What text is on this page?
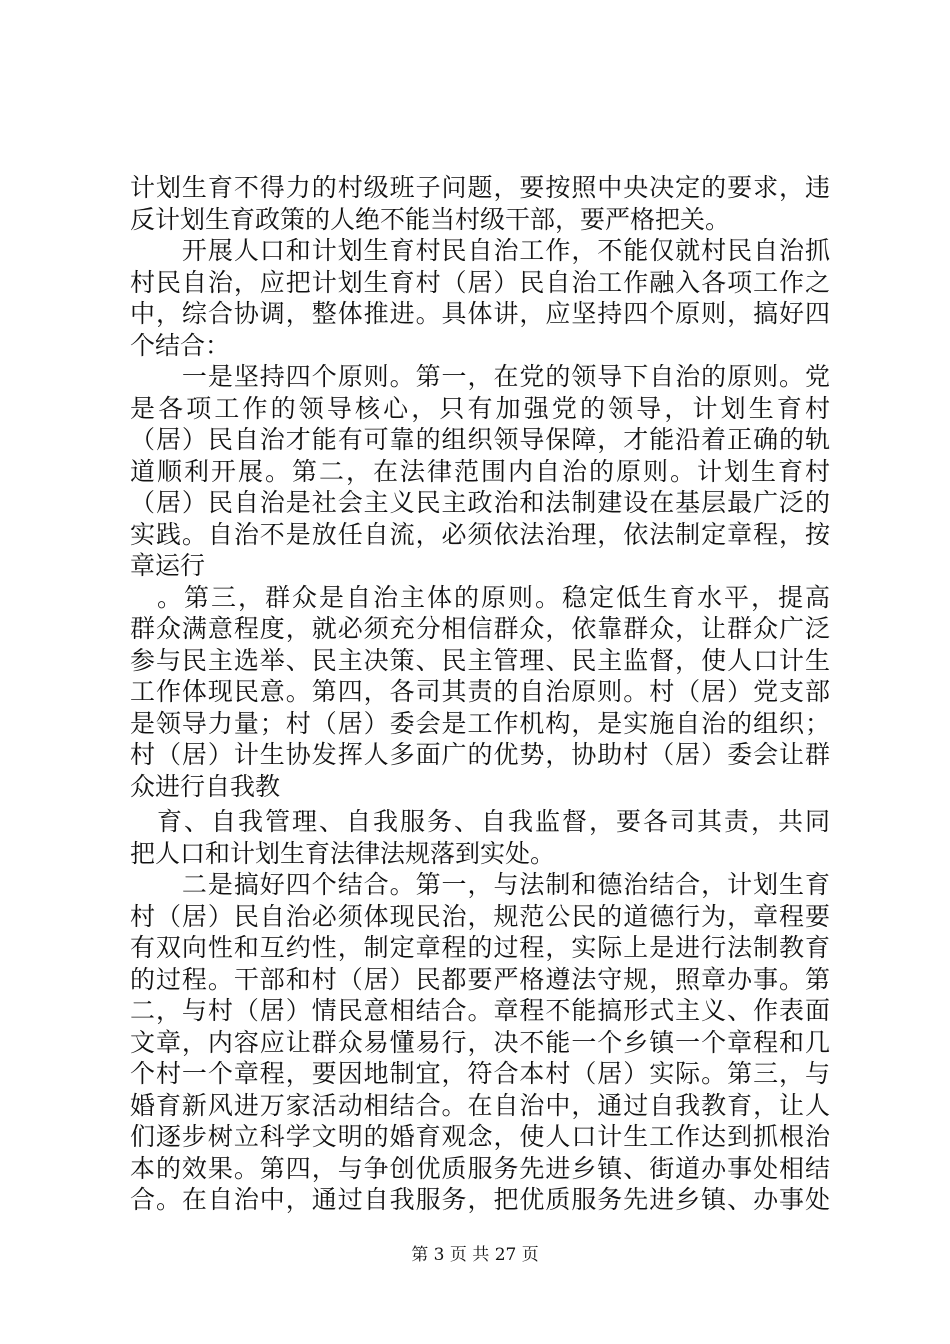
计划生育不得力的村级班子问题，要按照中央决定的要求，违
反计划生育政策的人绝不能当村级干部，要严格把关。
　　开展人口和计划生育村民自治工作，不能仅就村民自治抓
村民自治，应把计划生育村（居）民自治工作融入各项工作之
中，综合协调，整体推进。具体讲，应坚持四个原则，搞好四
个结合：
　　一是坚持四个原则。第一，在党的领导下自治的原则。党
是各项工作的领导核心，只有加强党的领导，计划生育村
（居）民自治才能有可靠的组织领导保障，才能沿着正确的轨
道顺利开展。第二，在法律范围内自治的原则。计划生育村
（居）民自治是社会主义民主政治和法制建设在基层最广泛的
实践。自治不是放任自流，必须依法治理，依法制定章程，按
章运行
　。第三，群众是自治主体的原则。稳定低生育水平，提高
群众满意程度，就必须充分相信群众，依靠群众，让群众广泛
参与民主选举、民主决策、民主管理、民主监督，使人口计生
工作体现民意。第四，各司其责的自治原则。村（居）党支部
是领导力量；村（居）委会是工作机构，是实施自治的组织；
村（居）计生协发挥人多面广的优势，协助村（居）委会让群
众进行自我教
　育、自我管理、自我服务、自我监督，要各司其责，共同
把人口和计划生育法律法规落到实处。
　　二是搞好四个结合。第一，与法制和德治结合，计划生育
村（居）民自治必须体现民治，规范公民的道德行为，章程要
有双向性和互约性，制定章程的过程，实际上是进行法制教育
的过程。干部和村（居）民都要严格遵法守规，照章办事。第
二，与村（居）情民意相结合。章程不能搞形式主义、作表面
文章，内容应让群众易懂易行，决不能一个乡镇一个章程和几
个村一个章程，要因地制宜，符合本村（居）实际。第三，与
婚育新风进万家活动相结合。在自治中，通过自我教育，让人
们逐步树立科学文明的婚育观念，使人口计生工作达到抓根治
第 3 页 共 27 页
本的效果。第四，与争创优质服务先进乡镇、街道办事处相结
合。在自治中，通过自我服务，把优质服务先进乡镇、办事处
